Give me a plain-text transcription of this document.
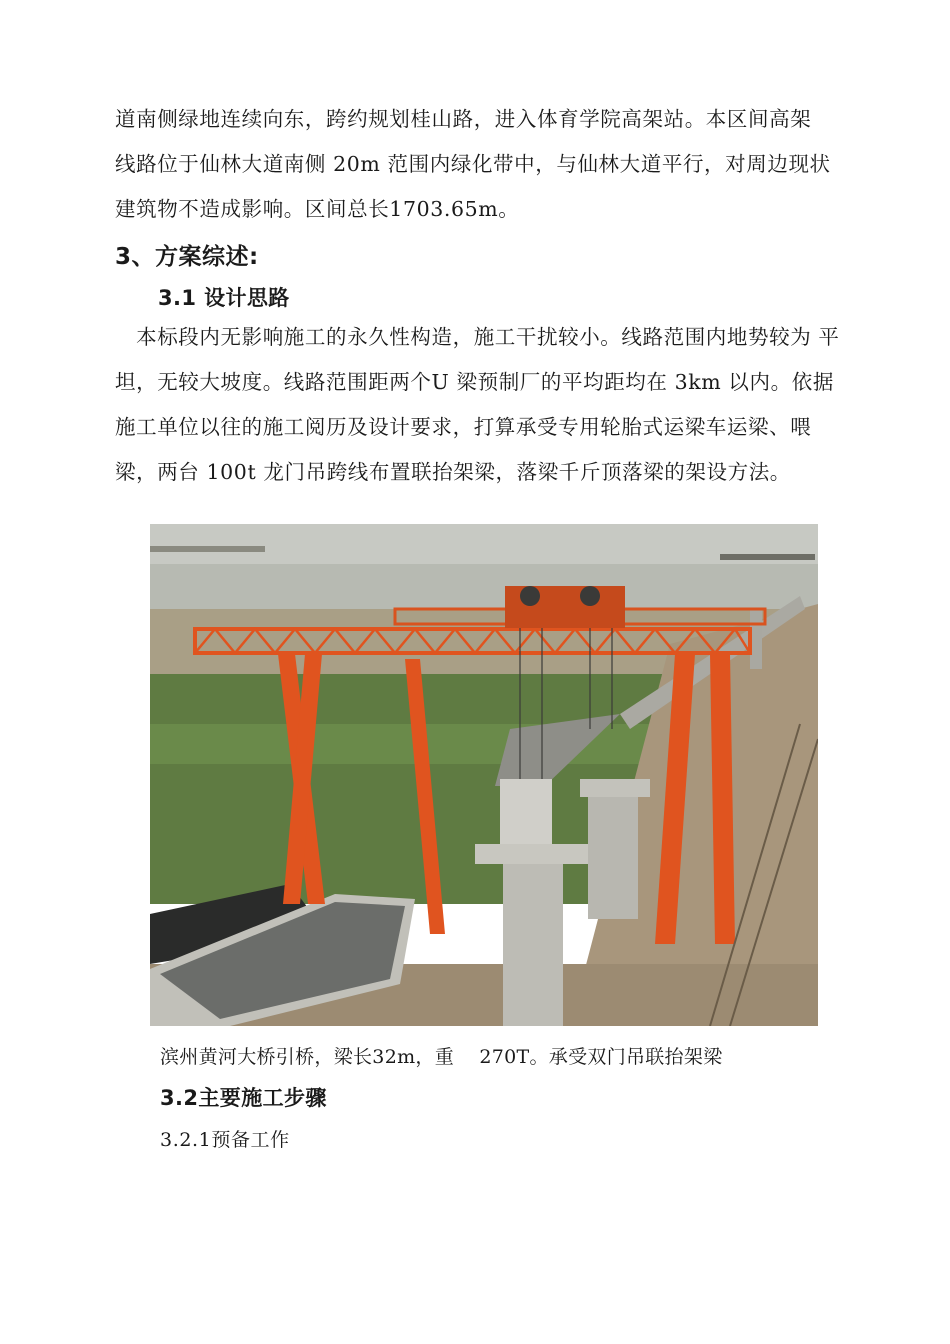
道南侧绿地连续向东，跨约规划桂山路，进入体育学院高架站。本区间高架

线路位于仙林大道南侧 20m 范围内绿化带中，与仙林大道平行，对周边现状

建筑物不造成影响。区间总长1703.65m。

3、方案综述:
3.1 设计思路

　本标段内无影响施工的永久性构造，施工干扰较小。线路范围内地势较为 平

坦，无较大坡度。线路范围距两个U 梁预制厂的平均距均在 3km 以内。依据

施工单位以往的施工阅历及设计要求，打算承受专用轮胎式运梁车运梁、喂

梁，两台 100t 龙门吊跨线布置联抬架梁，落梁千斤顶落梁的架设方法。

滨州黄河大桥引桥，梁长32m，重    270T。承受双门吊联抬架梁
3.2主要施工步骤
3.2.1预备工作
